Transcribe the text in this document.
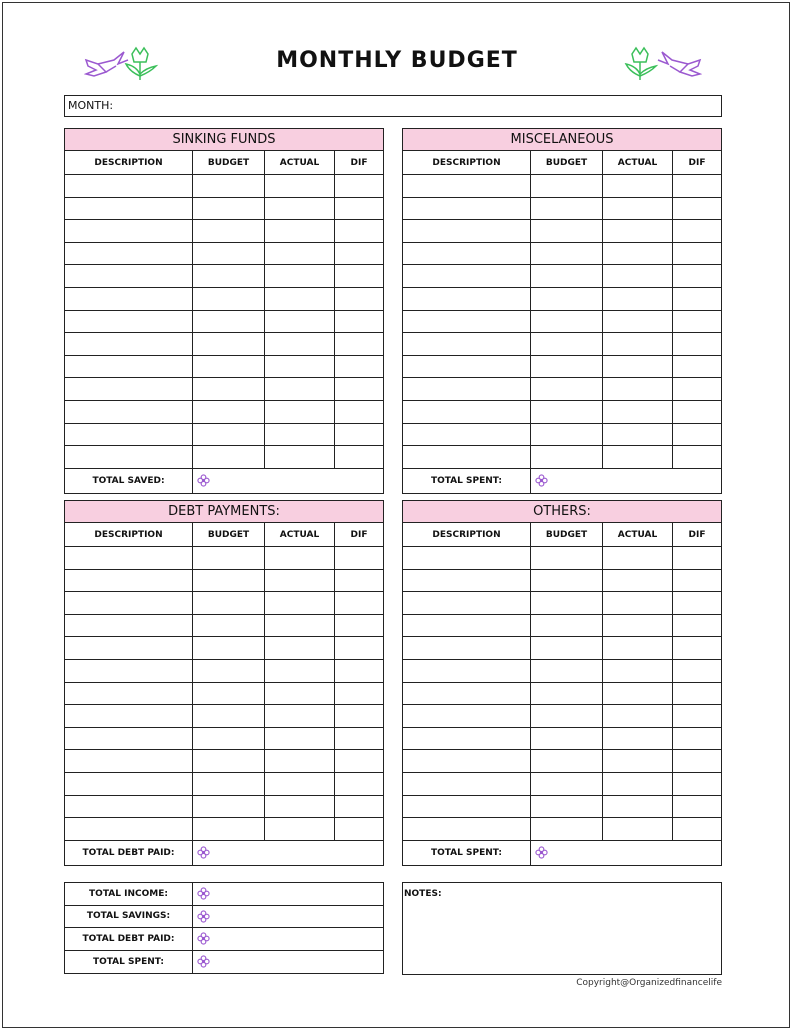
MONTHLY BUDGET
MONTH:
SINKING FUNDS
DESCRIPTION	BUDGET	ACTUAL	DIF
TOTAL SAVED:
MISCELANEOUS
DESCRIPTION	BUDGET	ACTUAL	DIF
TOTAL SPENT:
DEBT PAYMENTS:
DESCRIPTION	BUDGET	ACTUAL	DIF
TOTAL DEBT PAID:
OTHERS:
DESCRIPTION	BUDGET	ACTUAL	DIF
TOTAL SPENT:
TOTAL INCOME:
TOTAL SAVINGS:
TOTAL DEBT PAID:
TOTAL SPENT:
NOTES:
Copyright@Organizedfinancelife
